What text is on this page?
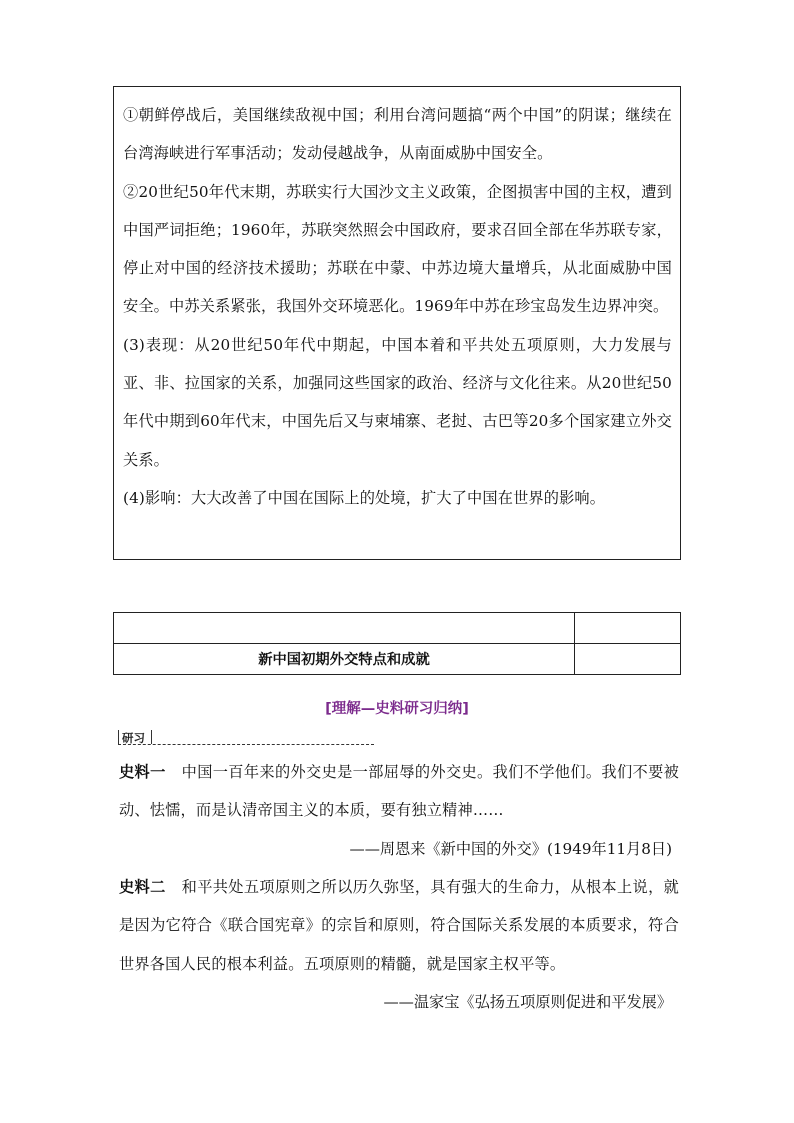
①朝鲜停战后，美国继续敌视中国；利用台湾问题搞“两个中国”的阴谋；继续在台湾海峡进行军事活动；发动侵越战争，从南面威胁中国安全。

②20世纪50年代末期，苏联实行大国沙文主义政策，企图损害中国的主权，遭到中国严词拒绝；1960年，苏联突然照会中国政府，要求召回全部在华苏联专家，停止对中国的经济技术援助；苏联在中蒙、中苏边境大量增兵，从北面威胁中国安全。中苏关系紧张，我国外交环境恶化。1969年中苏在珍宝岛发生边界冲突。

(3)表现：从20世纪50年代中期起，中国本着和平共处五项原则，大力发展与亚、非、拉国家的关系，加强同这些国家的政治、经济与文化往来。从20世纪50年代中期到60年代末，中国先后又与柬埔寨、老挝、古巴等20多个国家建立外交关系。

(4)影响：大大改善了中国在国际上的处境，扩大了中国在世界的影响。

新中国初期外交特点和成就	
[理解—史料研习归纳]
研习

史料一 中国一百年来的外交史是一部屈辱的外交史。我们不学他们。我们不要被动、怯懦，而是认清帝国主义的本质，要有独立精神……

——周恩来《新中国的外交》(1949年11月8日)

史料二 和平共处五项原则之所以历久弥坚，具有强大的生命力，从根本上说，就是因为它符合《联合国宪章》的宗旨和原则，符合国际关系发展的本质要求，符合世界各国人民的根本利益。五项原则的精髓，就是国家主权平等。

——温家宝《弘扬五项原则促进和平发展》
